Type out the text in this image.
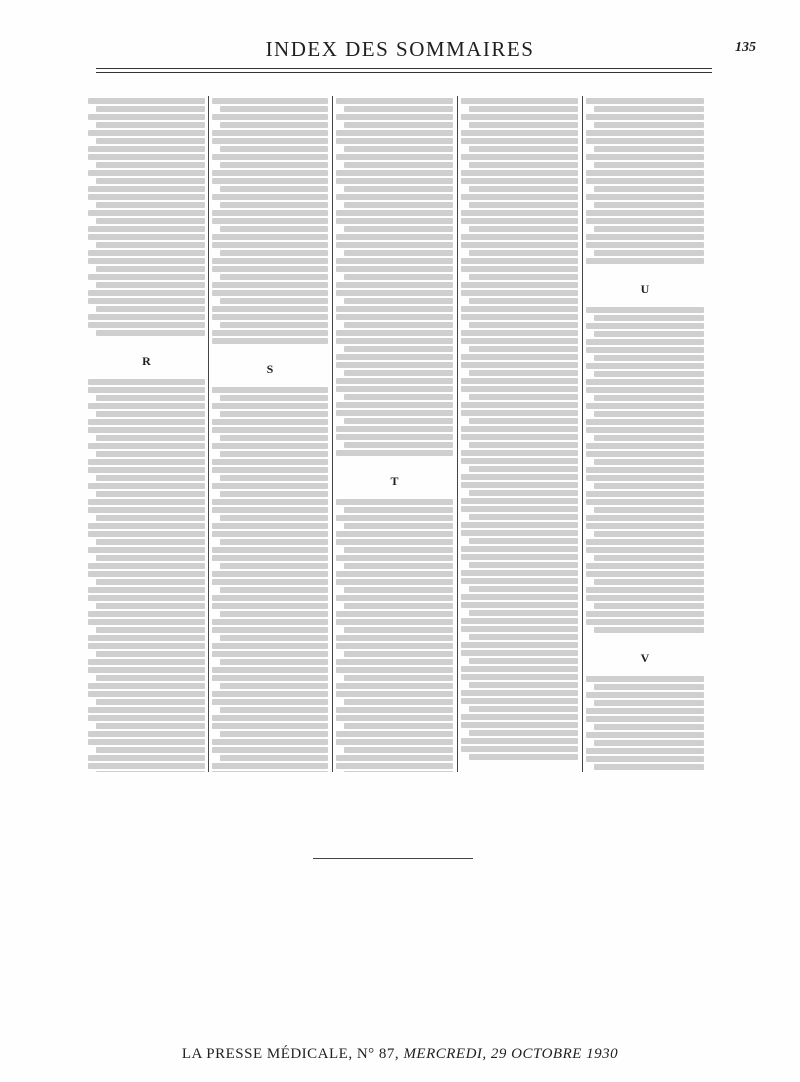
INDEX DES SOMMAIRES	135
R
S
T
U
V
LA PRESSE MÉDICALE, N° 87, MERCREDI, 29 OCTOBRE 1930
